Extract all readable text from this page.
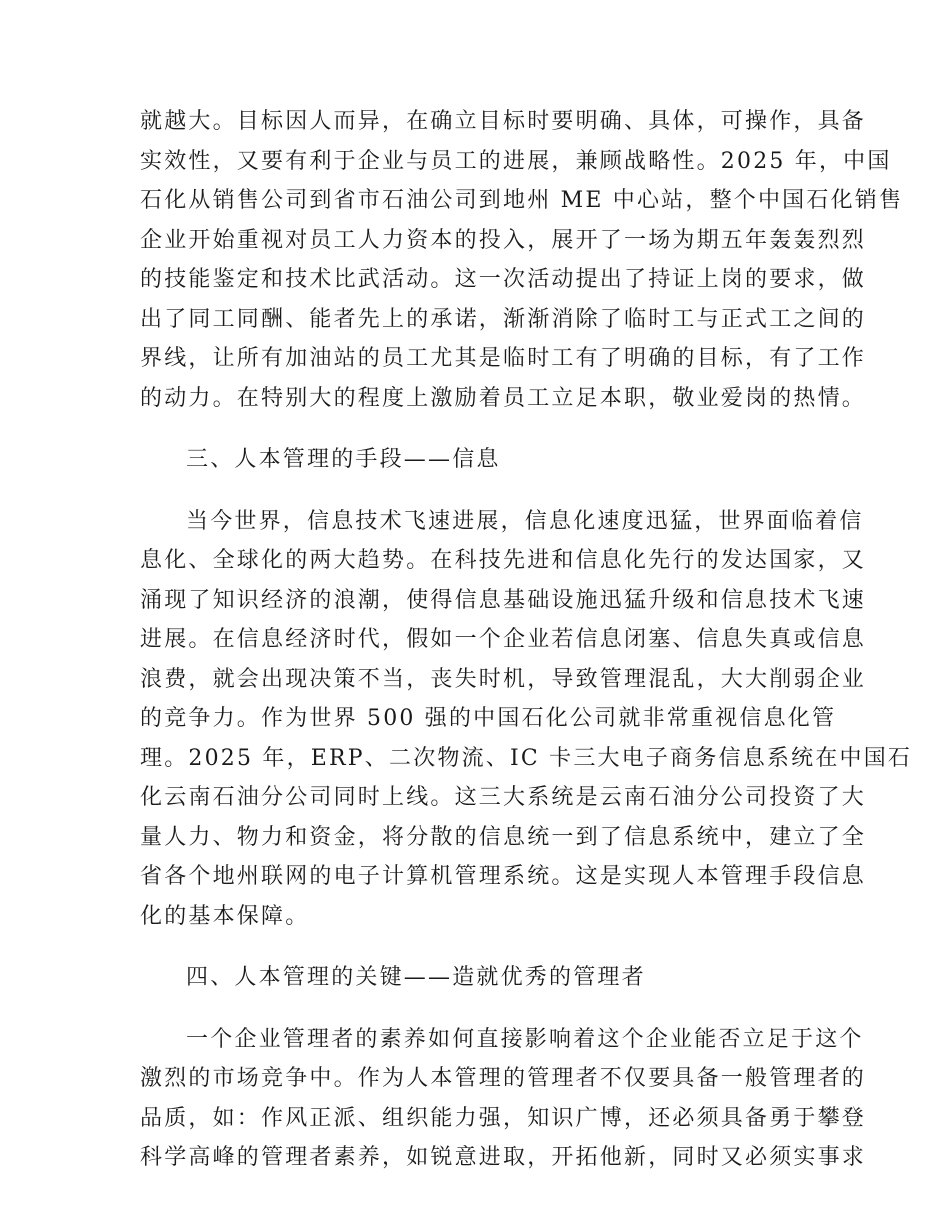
就越大。目标因人而异，在确立目标时要明确、具体，可操作，具备
实效性，又要有利于企业与员工的进展，兼顾战略性。2025 年，中国
石化从销售公司到省市石油公司到地州 ME 中心站，整个中国石化销售
企业开始重视对员工人力资本的投入，展开了一场为期五年轰轰烈烈
的技能鉴定和技术比武活动。这一次活动提出了持证上岗的要求，做
出了同工同酬、能者先上的承诺，渐渐消除了临时工与正式工之间的
界线，让所有加油站的员工尤其是临时工有了明确的目标，有了工作
的动力。在特别大的程度上激励着员工立足本职，敬业爱岗的热情。

三、人本管理的手段——信息

当今世界，信息技术飞速进展，信息化速度迅猛，世界面临着信
息化、全球化的两大趋势。在科技先进和信息化先行的发达国家，又
涌现了知识经济的浪潮，使得信息基础设施迅猛升级和信息技术飞速
进展。在信息经济时代，假如一个企业若信息闭塞、信息失真或信息
浪费，就会出现决策不当，丧失时机，导致管理混乱，大大削弱企业
的竞争力。作为世界 500 强的中国石化公司就非常重视信息化管
理。2025 年，ERP、二次物流、IC 卡三大电子商务信息系统在中国石
化云南石油分公司同时上线。这三大系统是云南石油分公司投资了大
量人力、物力和资金，将分散的信息统一到了信息系统中，建立了全
省各个地州联网的电子计算机管理系统。这是实现人本管理手段信息
化的基本保障。

四、人本管理的关键——造就优秀的管理者

一个企业管理者的素养如何直接影响着这个企业能否立足于这个
激烈的市场竞争中。作为人本管理的管理者不仅要具备一般管理者的
品质，如：作风正派、组织能力强，知识广博，还必须具备勇于攀登
科学高峰的管理者素养，如锐意进取，开拓他新，同时又必须实事求
